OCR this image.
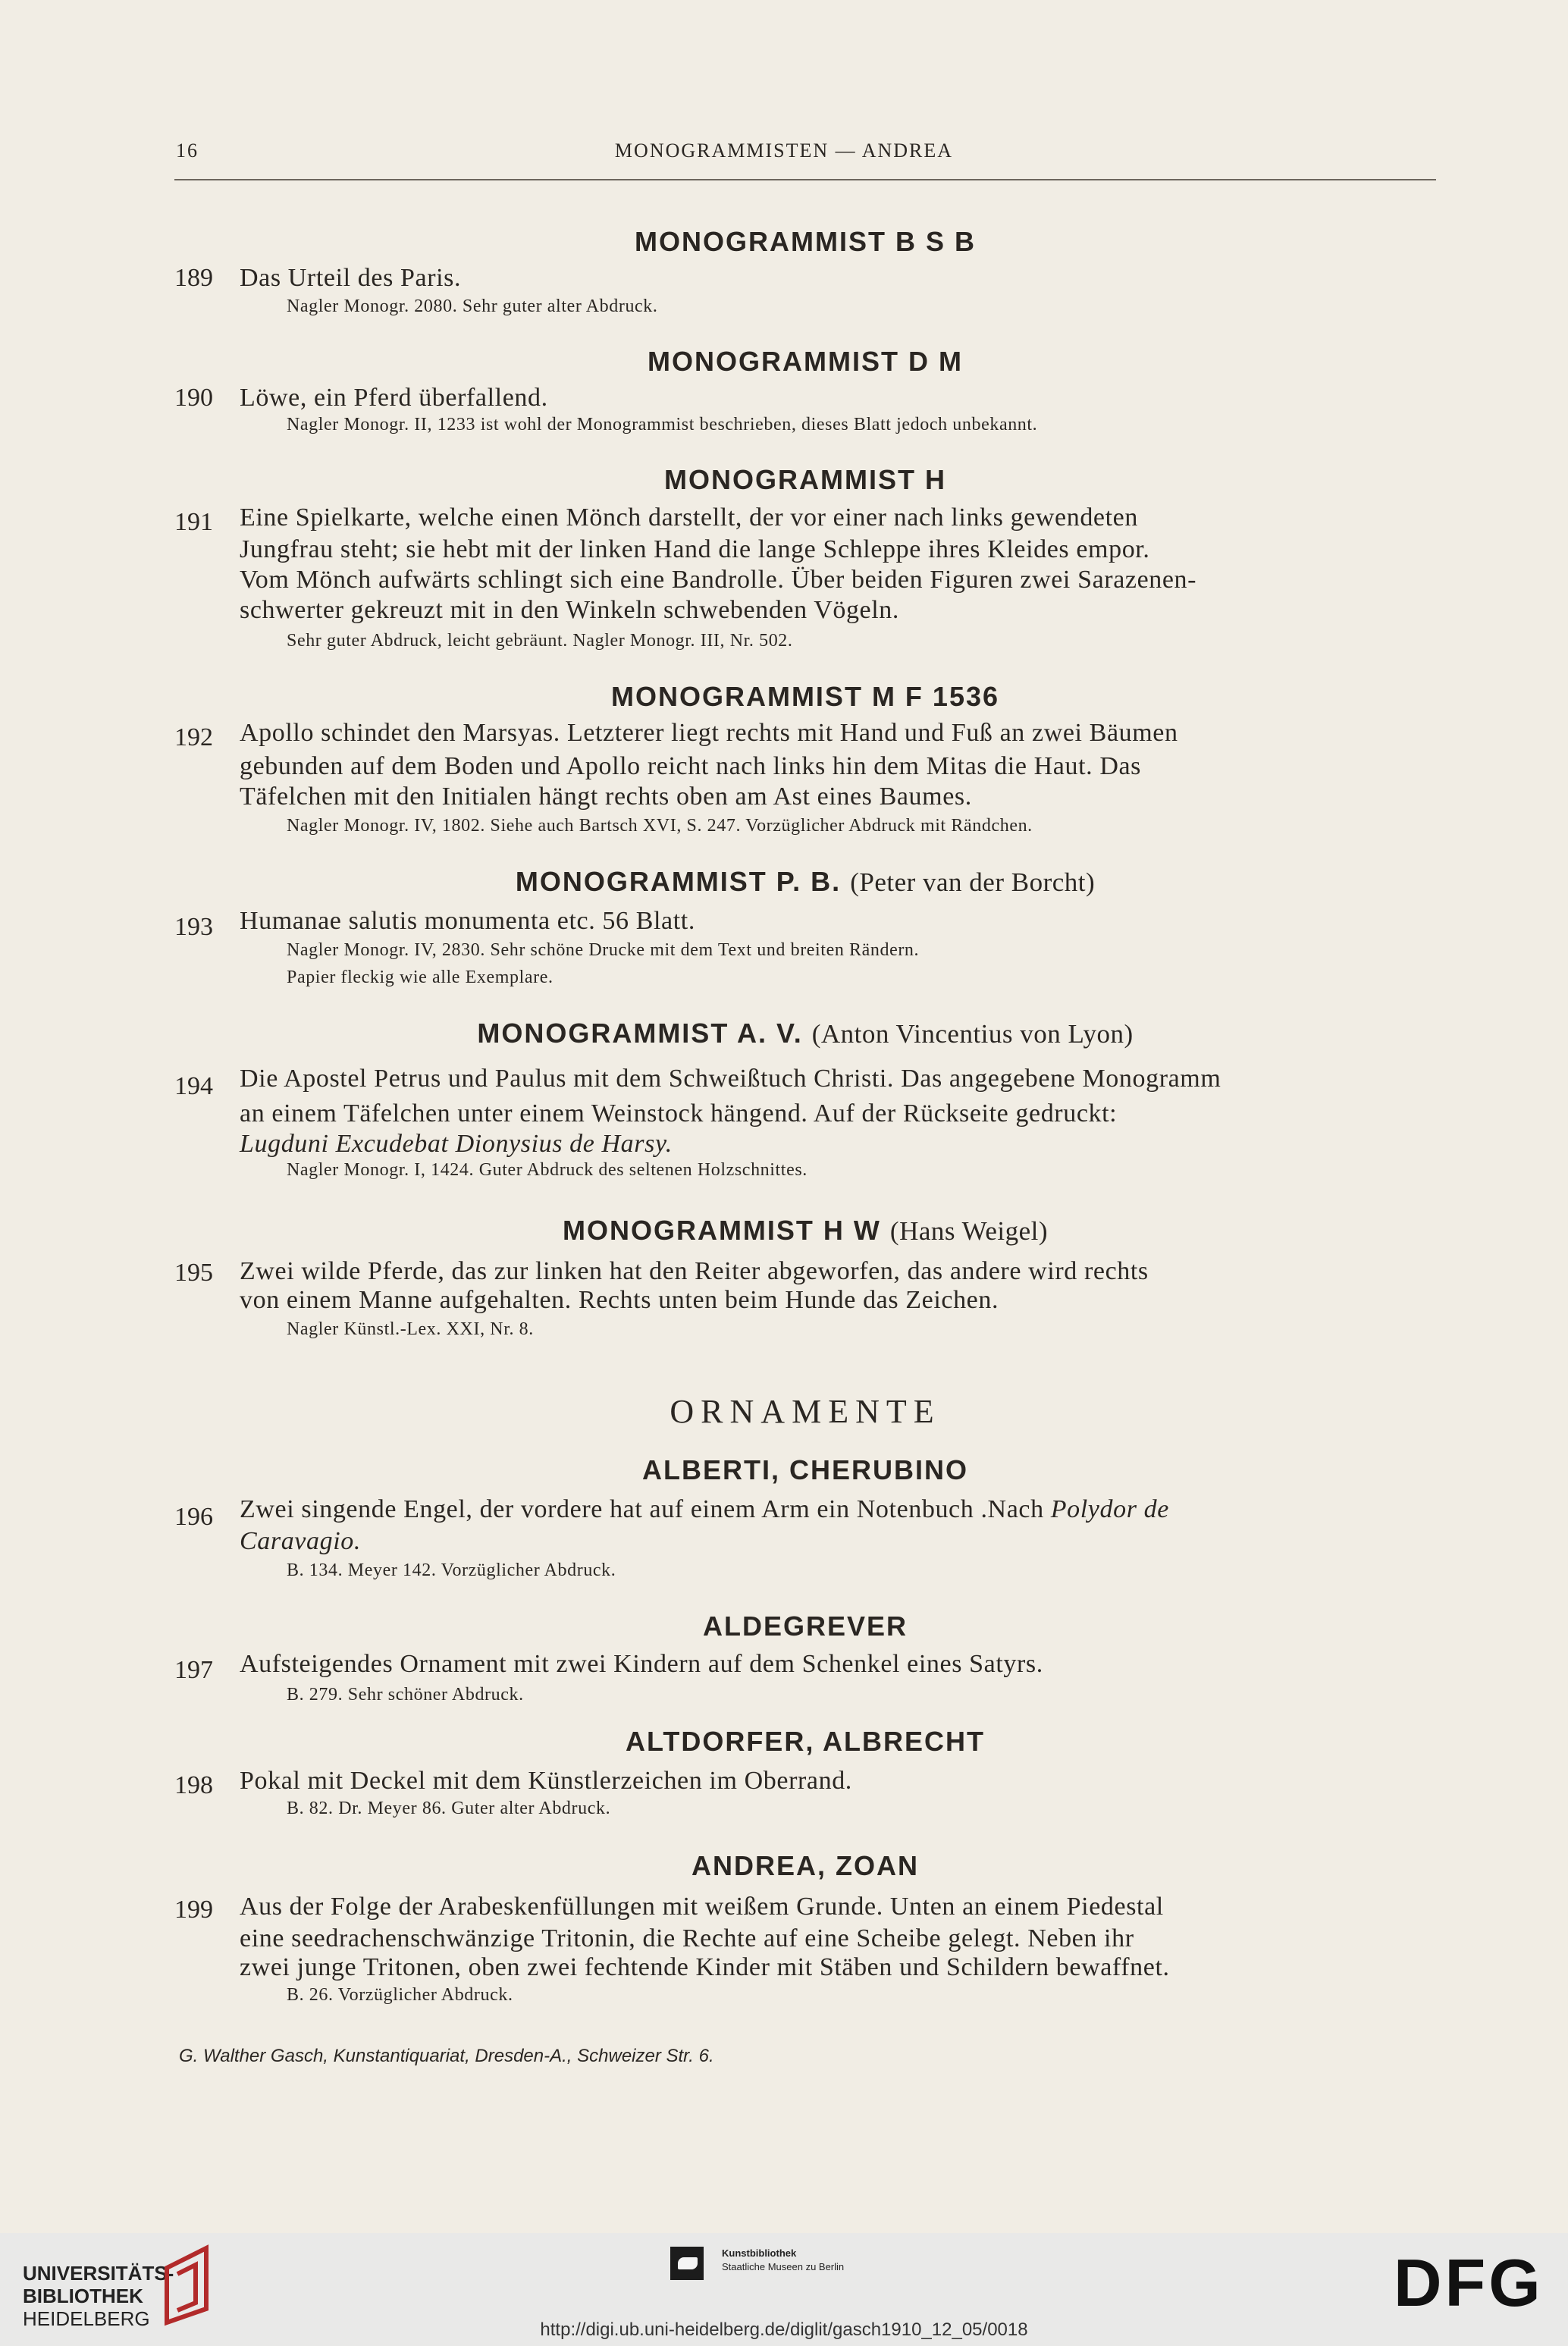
16	MONOGRAMMISTEN — ANDREA
MONOGRAMMIST B S B
189 Das Urteil des Paris.
Nagler Monogr. 2080. Sehr guter alter Abdruck.
MONOGRAMMIST D M
190 Löwe, ein Pferd überfallend.
Nagler Monogr. II, 1233 ist wohl der Monogrammist beschrieben, dieses Blatt jedoch unbekannt.
MONOGRAMMIST H
191 Eine Spielkarte, welche einen Mönch darstellt, der vor einer nach links gewendeten
Jungfrau steht; sie hebt mit der linken Hand die lange Schleppe ihres Kleides empor.
Vom Mönch aufwärts schlingt sich eine Bandrolle. Über beiden Figuren zwei Sarazenen-
schwerter gekreuzt mit in den Winkeln schwebenden Vögeln.
Sehr guter Abdruck, leicht gebräunt. Nagler Monogr. III, Nr. 502.
MONOGRAMMIST M F 1536
192 Apollo schindet den Marsyas. Letzterer liegt rechts mit Hand und Fuß an zwei Bäumen
gebunden auf dem Boden und Apollo reicht nach links hin dem Mitas die Haut. Das
Täfelchen mit den Initialen hängt rechts oben am Ast eines Baumes.
Nagler Monogr. IV, 1802. Siehe auch Bartsch XVI, S. 247. Vorzüglicher Abdruck mit Rändchen.
MONOGRAMMIST P. B. (Peter van der Borcht)
193 Humanae salutis monumenta etc. 56 Blatt.
Nagler Monogr. IV, 2830. Sehr schöne Drucke mit dem Text und breiten Rändern.
Papier fleckig wie alle Exemplare.
MONOGRAMMIST A. V. (Anton Vincentius von Lyon)
194 Die Apostel Petrus und Paulus mit dem Schweißtuch Christi. Das angegebene Monogramm
an einem Täfelchen unter einem Weinstock hängend. Auf der Rückseite gedruckt:
Lugduni Excudebat Dionysius de Harsy.
Nagler Monogr. I, 1424. Guter Abdruck des seltenen Holzschnittes.
MONOGRAMMIST H W (Hans Weigel)
195 Zwei wilde Pferde, das zur linken hat den Reiter abgeworfen, das andere wird rechts
von einem Manne aufgehalten. Rechts unten beim Hunde das Zeichen.
Nagler Künstl.-Lex. XXI, Nr. 8.
ORNAMENTE
ALBERTI, CHERUBINO
196 Zwei singende Engel, der vordere hat auf einem Arm ein Notenbuch .Nach Polydor de
Caravagio.
B. 134. Meyer 142. Vorzüglicher Abdruck.
ALDEGREVER
197 Aufsteigendes Ornament mit zwei Kindern auf dem Schenkel eines Satyrs.
B. 279. Sehr schöner Abdruck.
ALTDORFER, ALBRECHT
198 Pokal mit Deckel mit dem Künstlerzeichen im Oberrand.
B. 82. Dr. Meyer 86. Guter alter Abdruck.
ANDREA, ZOAN
199 Aus der Folge der Arabeskenfüllungen mit weißem Grunde. Unten an einem Piedestal
eine seedrachenschwänzige Tritonin, die Rechte auf eine Scheibe gelegt. Neben ihr
zwei junge Tritonen, oben zwei fechtende Kinder mit Stäben und Schildern bewaffnet.
B. 26. Vorzüglicher Abdruck.
G. Walther Gasch, Kunstantiquariat, Dresden-A., Schweizer Str. 6.
UNIVERSITÄTS-
BIBLIOTHEK
HEIDELBERG
Kunstbibliothek
Staatliche Museen zu Berlin	DFG
http://digi.ub.uni-heidelberg.de/diglit/gasch1910_12_05/0018
